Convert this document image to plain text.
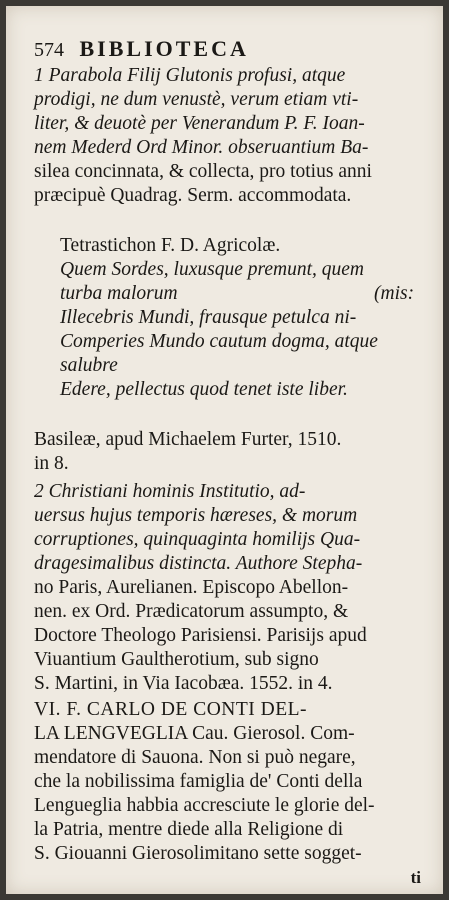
574 BIBLIOTECA
1 Parabola Filij Glutonis profusi, atque
prodigi, ne dum venustè, verum etiam vti-
liter, & deuotè per Venerandum P. F. Ioan-
nem Mederd Ord Minor. obseruantium Ba-
silea concinnata, & collecta, pro totius anni
præcipuè Quadrag. Serm. accommodata.
Tetrastichon F. D. Agricolæ.
Quem Sordes, luxusque premunt, quem
turba malorum	(mis:
Illecebris Mundi, frausque petulca ni-
Comperies Mundo cautum dogma, atque
salubre
Edere, pellectus quod tenet iste liber.
Basileæ, apud Michaelem Furter, 1510.
in 8.
2 Christiani hominis Institutio, ad-
uersus hujus temporis hæreses, & morum
corruptiones, quinquaginta homilijs Qua-
dragesimalibus distincta. Authore Stepha-
no Paris, Aurelianen. Episcopo Abellon-
nen. ex Ord. Prædicatorum assumpto, &
Doctore Theologo Parisiensi. Parisijs apud
Viuantium Gaultherotium, sub signo
S. Martini, in Via Iacobæa. 1552. in 4.
VI. F. CARLO DE CONTI DEL-
LA LENGVEGLIA Cau. Gierosol. Com-
mendatore di Sauona. Non si può negare,
che la nobilissima famiglia de' Conti della
Lengueglia habbia accresciute le glorie del-
la Patria, mentre diede alla Religione di
S. Giouanni Gierosolimitano sette sogget-
ti
